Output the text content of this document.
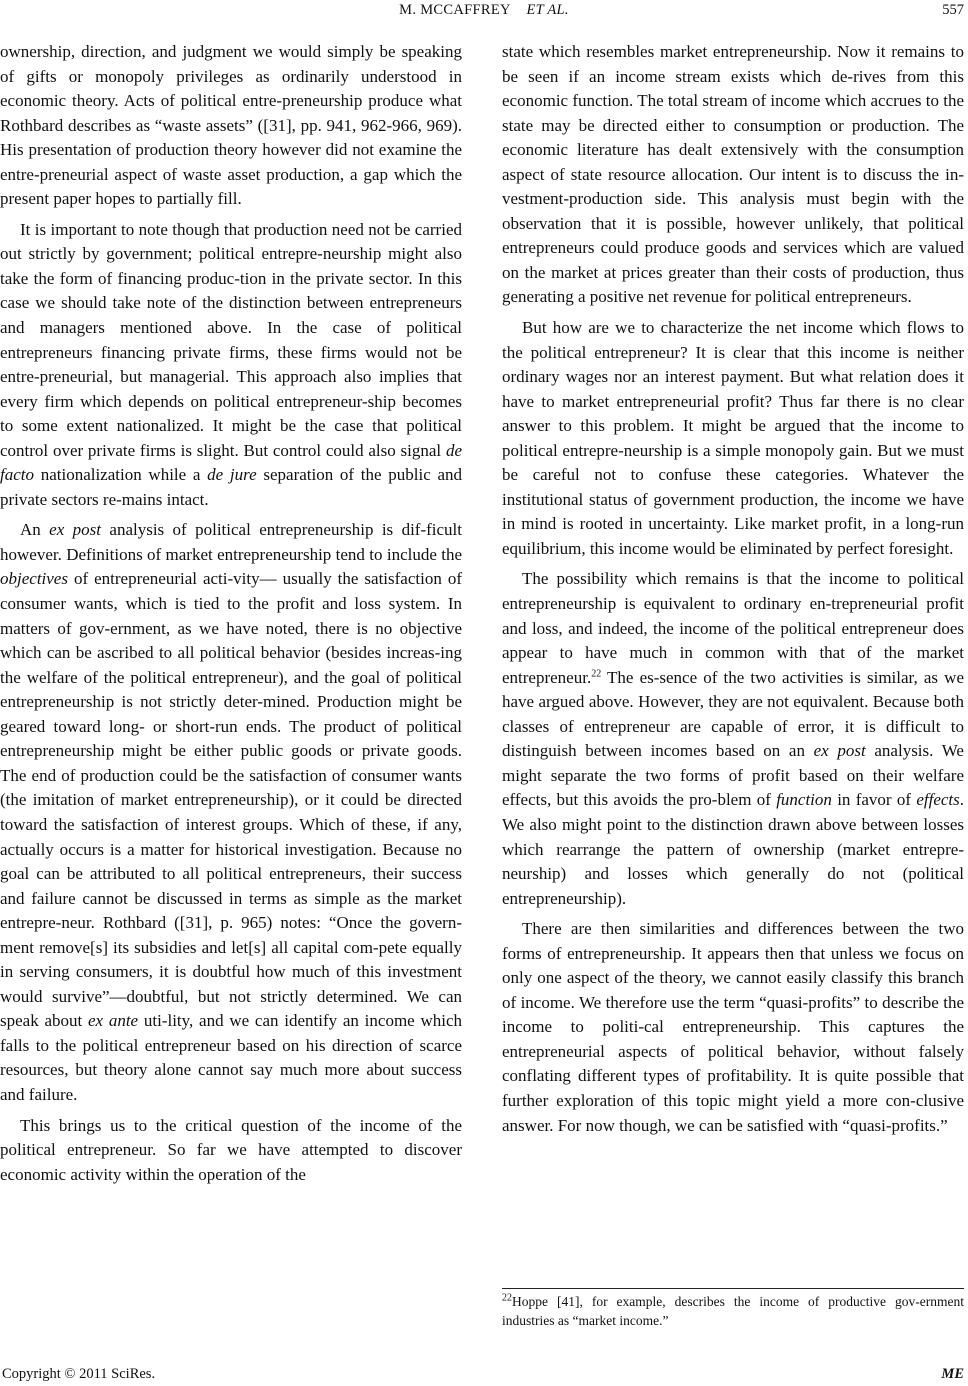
M. MCCAFFREY ET AL.	557

ownership, direction, and judgment we would simply be speaking of gifts or monopoly privileges as ordinarily understood in economic theory. Acts of political entre-preneurship produce what Rothbard describes as “waste assets” ([31], pp. 941, 962-966, 969). His presentation of production theory however did not examine the entre-preneurial aspect of waste asset production, a gap which the present paper hopes to partially fill.

It is important to note though that production need not be carried out strictly by government; political entrepre-neurship might also take the form of financing produc-tion in the private sector. In this case we should take note of the distinction between entrepreneurs and managers mentioned above. In the case of political entrepreneurs financing private firms, these firms would not be entre-preneurial, but managerial. This approach also implies that every firm which depends on political entrepreneur-ship becomes to some extent nationalized. It might be the case that political control over private firms is slight. But control could also signal de facto nationalization while a de jure separation of the public and private sectors re-mains intact.

An ex post analysis of political entrepreneurship is dif-ficult however. Definitions of market entrepreneurship tend to include the objectives of entrepreneurial acti-vity— usually the satisfaction of consumer wants, which is tied to the profit and loss system. In matters of gov-ernment, as we have noted, there is no objective which can be ascribed to all political behavior (besides increas-ing the welfare of the political entrepreneur), and the goal of political entrepreneurship is not strictly deter-mined. Production might be geared toward long- or short-run ends. The product of political entrepreneurship might be either public goods or private goods. The end of production could be the satisfaction of consumer wants (the imitation of market entrepreneurship), or it could be directed toward the satisfaction of interest groups. Which of these, if any, actually occurs is a matter for historical investigation. Because no goal can be attributed to all political entrepreneurs, their success and failure cannot be discussed in terms as simple as the market entrepre-neur. Rothbard ([31], p. 965) notes: “Once the govern-ment remove[s] its subsidies and let[s] all capital com-pete equally in serving consumers, it is doubtful how much of this investment would survive”—doubtful, but not strictly determined. We can speak about ex ante uti-lity, and we can identify an income which falls to the political entrepreneur based on his direction of scarce resources, but theory alone cannot say much more about success and failure.

This brings us to the critical question of the income of the political entrepreneur. So far we have attempted to discover economic activity within the operation of the

state which resembles market entrepreneurship. Now it remains to be seen if an income stream exists which de-rives from this economic function. The total stream of income which accrues to the state may be directed either to consumption or production. The economic literature has dealt extensively with the consumption aspect of state resource allocation. Our intent is to discuss the in-vestment-production side. This analysis must begin with the observation that it is possible, however unlikely, that political entrepreneurs could produce goods and services which are valued on the market at prices greater than their costs of production, thus generating a positive net revenue for political entrepreneurs.

But how are we to characterize the net income which flows to the political entrepreneur? It is clear that this income is neither ordinary wages nor an interest payment. But what relation does it have to market entrepreneurial profit? Thus far there is no clear answer to this problem. It might be argued that the income to political entrepre-neurship is a simple monopoly gain. But we must be careful not to confuse these categories. Whatever the institutional status of government production, the income we have in mind is rooted in uncertainty. Like market profit, in a long-run equilibrium, this income would be eliminated by perfect foresight.

The possibility which remains is that the income to political entrepreneurship is equivalent to ordinary en-trepreneurial profit and loss, and indeed, the income of the political entrepreneur does appear to have much in common with that of the market entrepreneur.$^{22}$ The es-sence of the two activities is similar, as we have argued above. However, they are not equivalent. Because both classes of entrepreneur are capable of error, it is difficult to distinguish between incomes based on an ex post analysis. We might separate the two forms of profit based on their welfare effects, but this avoids the pro-blem of function in favor of effects. We also might point to the distinction drawn above between losses which rearrange the pattern of ownership (market entrepre-neurship) and losses which generally do not (political entrepreneurship).

There are then similarities and differences between the two forms of entrepreneurship. It appears then that unless we focus on only one aspect of the theory, we cannot easily classify this branch of income. We therefore use the term “quasi-profits” to describe the income to politi-cal entrepreneurship. This captures the entrepreneurial aspects of political behavior, without falsely conflating different types of profitability. It is quite possible that further exploration of this topic might yield a more con-clusive answer. For now though, we can be satisfied with “quasi-profits.”

$^{22}$Hoppe [41], for example, describes the income of productive gov-ernment industries as “market income.”

Copyright © 2011 SciRes.	ME
